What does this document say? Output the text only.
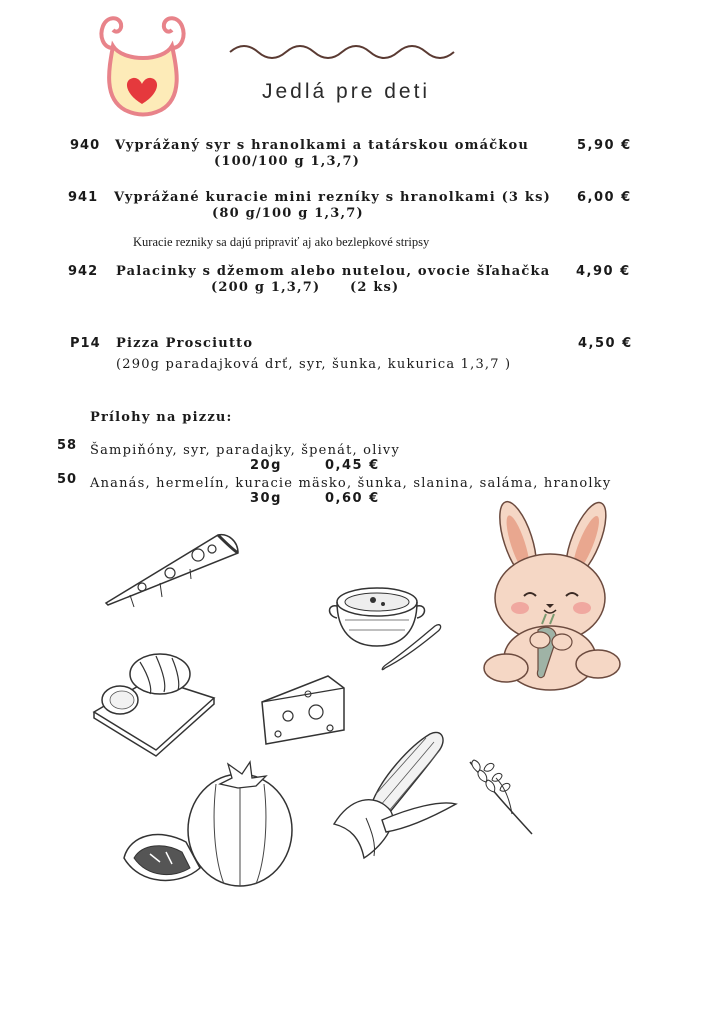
Jedlá pre deti
940 Vyprážaný syr s hranolkami a tatárskou omáčkou
(100/100 g 1,3,7)
5,90 €
941 Vyprážané kuracie mini rezníky s hranolkami (3 ks)
(80 g/100 g 1,3,7)
6,00 €
Kuracie rezniky sa dajú pripraviť aj ako bezlepkové stripsy
942 Palacinky s džemom alebo nutelou, ovocie šľahačka
(200 g 1,3,7) (2 ks)
4,90 €
P14 Pizza Prosciutto	4,50 €
(290g paradajková drť, syr, šunka, kukurica 1,3,7 )
Prílohy na pizzu:
58 Šampiňóny, syr, paradajky, špenát, olivy
20g	0,45 €
50 Ananás, hermelín, kuracie mäsko, šunka, slanina, saláma, hranolky
30g	0,60 €
